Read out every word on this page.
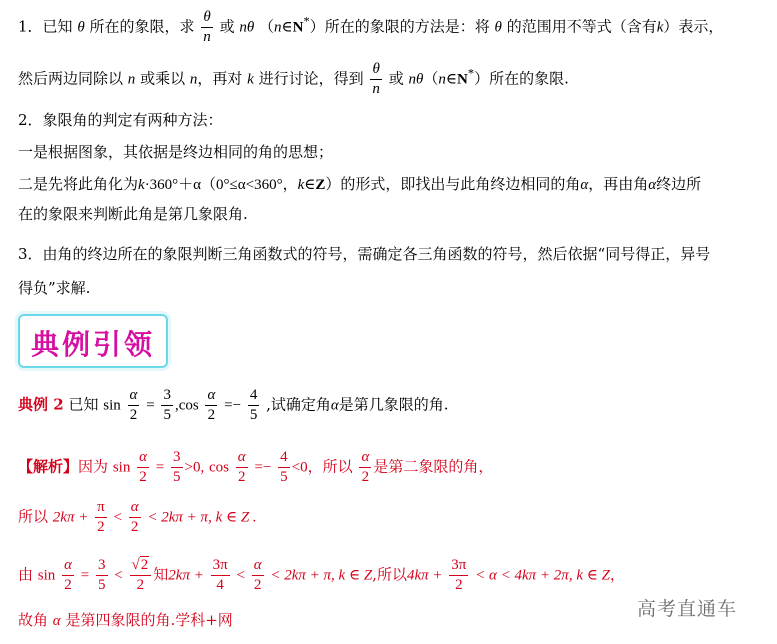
1．已知 θ 所在的象限，求 $\frac{\theta}{n}$ 或 nθ （n∈N*）所在的象限的方法是：将 θ 的范围用不等式（含有k）表示，
然后两边同除以 n 或乘以 n，再对 k 进行讨论，得到 $\frac{\theta}{n}$ 或 nθ（n∈N*）所在的象限.
2．象限角的判定有两种方法：
一是根据图象，其依据是终边相同的角的思想；
二是先将此角化为k·360°＋α（0°≤α<360°，k∈Z）的形式，即找出与此角终边相同的角α，再由角α终边所
在的象限来判断此角是第几象限角.
3．由角的终边所在的象限判断三角函数式的符号，需确定各三角函数的符号，然后依据“同号得正，异号
得负”求解.
典例引领
典例 2 已知 $\sin \frac{\alpha}{2} = \frac{3}{5} ,\cos \frac{\alpha}{2} =- \frac{4}{5}$ ,试确定角α是第几象限的角.
【解析】因为 $\sin \frac{\alpha}{2} = \frac{3}{5} >0$, $\cos \frac{\alpha}{2} =- \frac{4}{5} <0$，所以 $\frac{\alpha}{2}$ 是第二象限的角，
所以 $2k\pi + \frac{\pi}{2} < \frac{\alpha}{2} < 2k\pi + \pi$, k ∈ Z .
由 $\sin \frac{\alpha}{2} = \frac{3}{5} < \frac{√2}{2}$ 知$2k\pi + \frac{3\pi}{4} < \frac{\alpha}{2} < 2k\pi + \pi$, k ∈ Z,所以$4k\pi + \frac{3\pi}{2} < \alpha < 4k\pi + 2\pi$, k ∈ Z，
故角 α 是第四象限的角.学科+网	高考直通车
